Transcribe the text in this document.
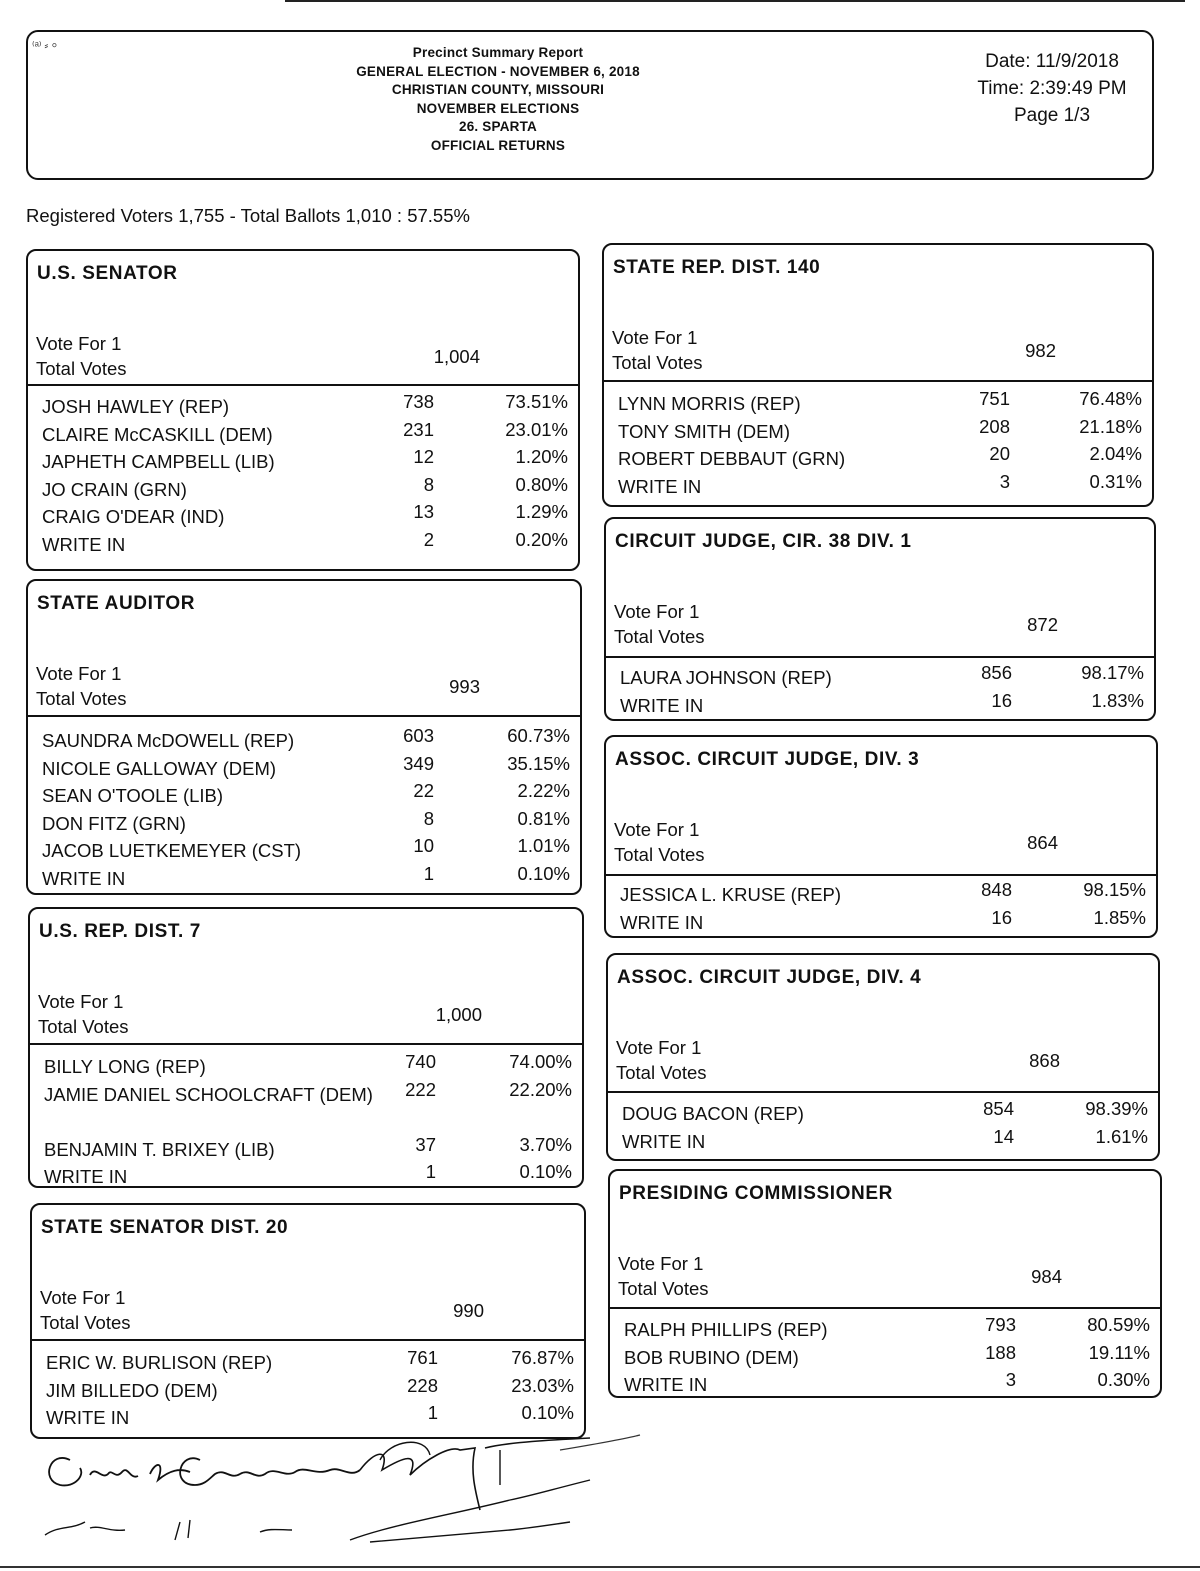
⁽ᵃ⁾ ⸗ ⸰	Precinct Summary Report
GENERAL ELECTION - NOVEMBER 6, 2018
CHRISTIAN COUNTY, MISSOURI
NOVEMBER ELECTIONS
26. SPARTA
OFFICIAL RETURNS
Date: 11/9/2018
Time: 2:39:49 PM
Page 1/3
Registered Voters 1,755 - Total Ballots 1,010 : 57.55%
U.S. SENATOR
Vote For 1
Total Votes
1,004
JOSH HAWLEY (REP)	738	73.51%
CLAIRE McCASKILL (DEM)	231	23.01%
JAPHETH CAMPBELL (LIB)	12	1.20%
JO CRAIN (GRN)	8	0.80%
CRAIG O'DEAR (IND)	13	1.29%
WRITE IN	2	0.20%
STATE AUDITOR
Vote For 1
Total Votes
993
SAUNDRA McDOWELL (REP)	603	60.73%
NICOLE GALLOWAY (DEM)	349	35.15%
SEAN O'TOOLE (LIB)	22	2.22%
DON FITZ (GRN)	8	0.81%
JACOB LUETKEMEYER (CST)	10	1.01%
WRITE IN	1	0.10%
U.S. REP. DIST. 7
Vote For 1
Total Votes
1,000
BILLY LONG (REP)	740	74.00%
JAMIE DANIEL SCHOOLCRAFT (DEM)	222	22.20%
BENJAMIN T. BRIXEY (LIB)	37	3.70%
WRITE IN	1	0.10%
STATE SENATOR DIST. 20
Vote For 1
Total Votes
990
ERIC W. BURLISON (REP)	761	76.87%
JIM BILLEDO (DEM)	228	23.03%
WRITE IN	1	0.10%
STATE REP. DIST. 140
Vote For 1
Total Votes
982
LYNN MORRIS (REP)	751	76.48%
TONY SMITH (DEM)	208	21.18%
ROBERT DEBBAUT (GRN)	20	2.04%
WRITE IN	3	0.31%
CIRCUIT JUDGE, CIR. 38 DIV. 1
Vote For 1
Total Votes
872
LAURA JOHNSON (REP)	856	98.17%
WRITE IN	16	1.83%
ASSOC. CIRCUIT JUDGE, DIV. 3
Vote For 1
Total Votes
864
JESSICA L. KRUSE (REP)	848	98.15%
WRITE IN	16	1.85%
ASSOC. CIRCUIT JUDGE, DIV. 4
Vote For 1
Total Votes
868
DOUG BACON (REP)	854	98.39%
WRITE IN	14	1.61%
PRESIDING COMMISSIONER
Vote For 1
Total Votes
984
RALPH PHILLIPS (REP)	793	80.59%
BOB RUBINO (DEM)	188	19.11%
WRITE IN	3	0.30%
